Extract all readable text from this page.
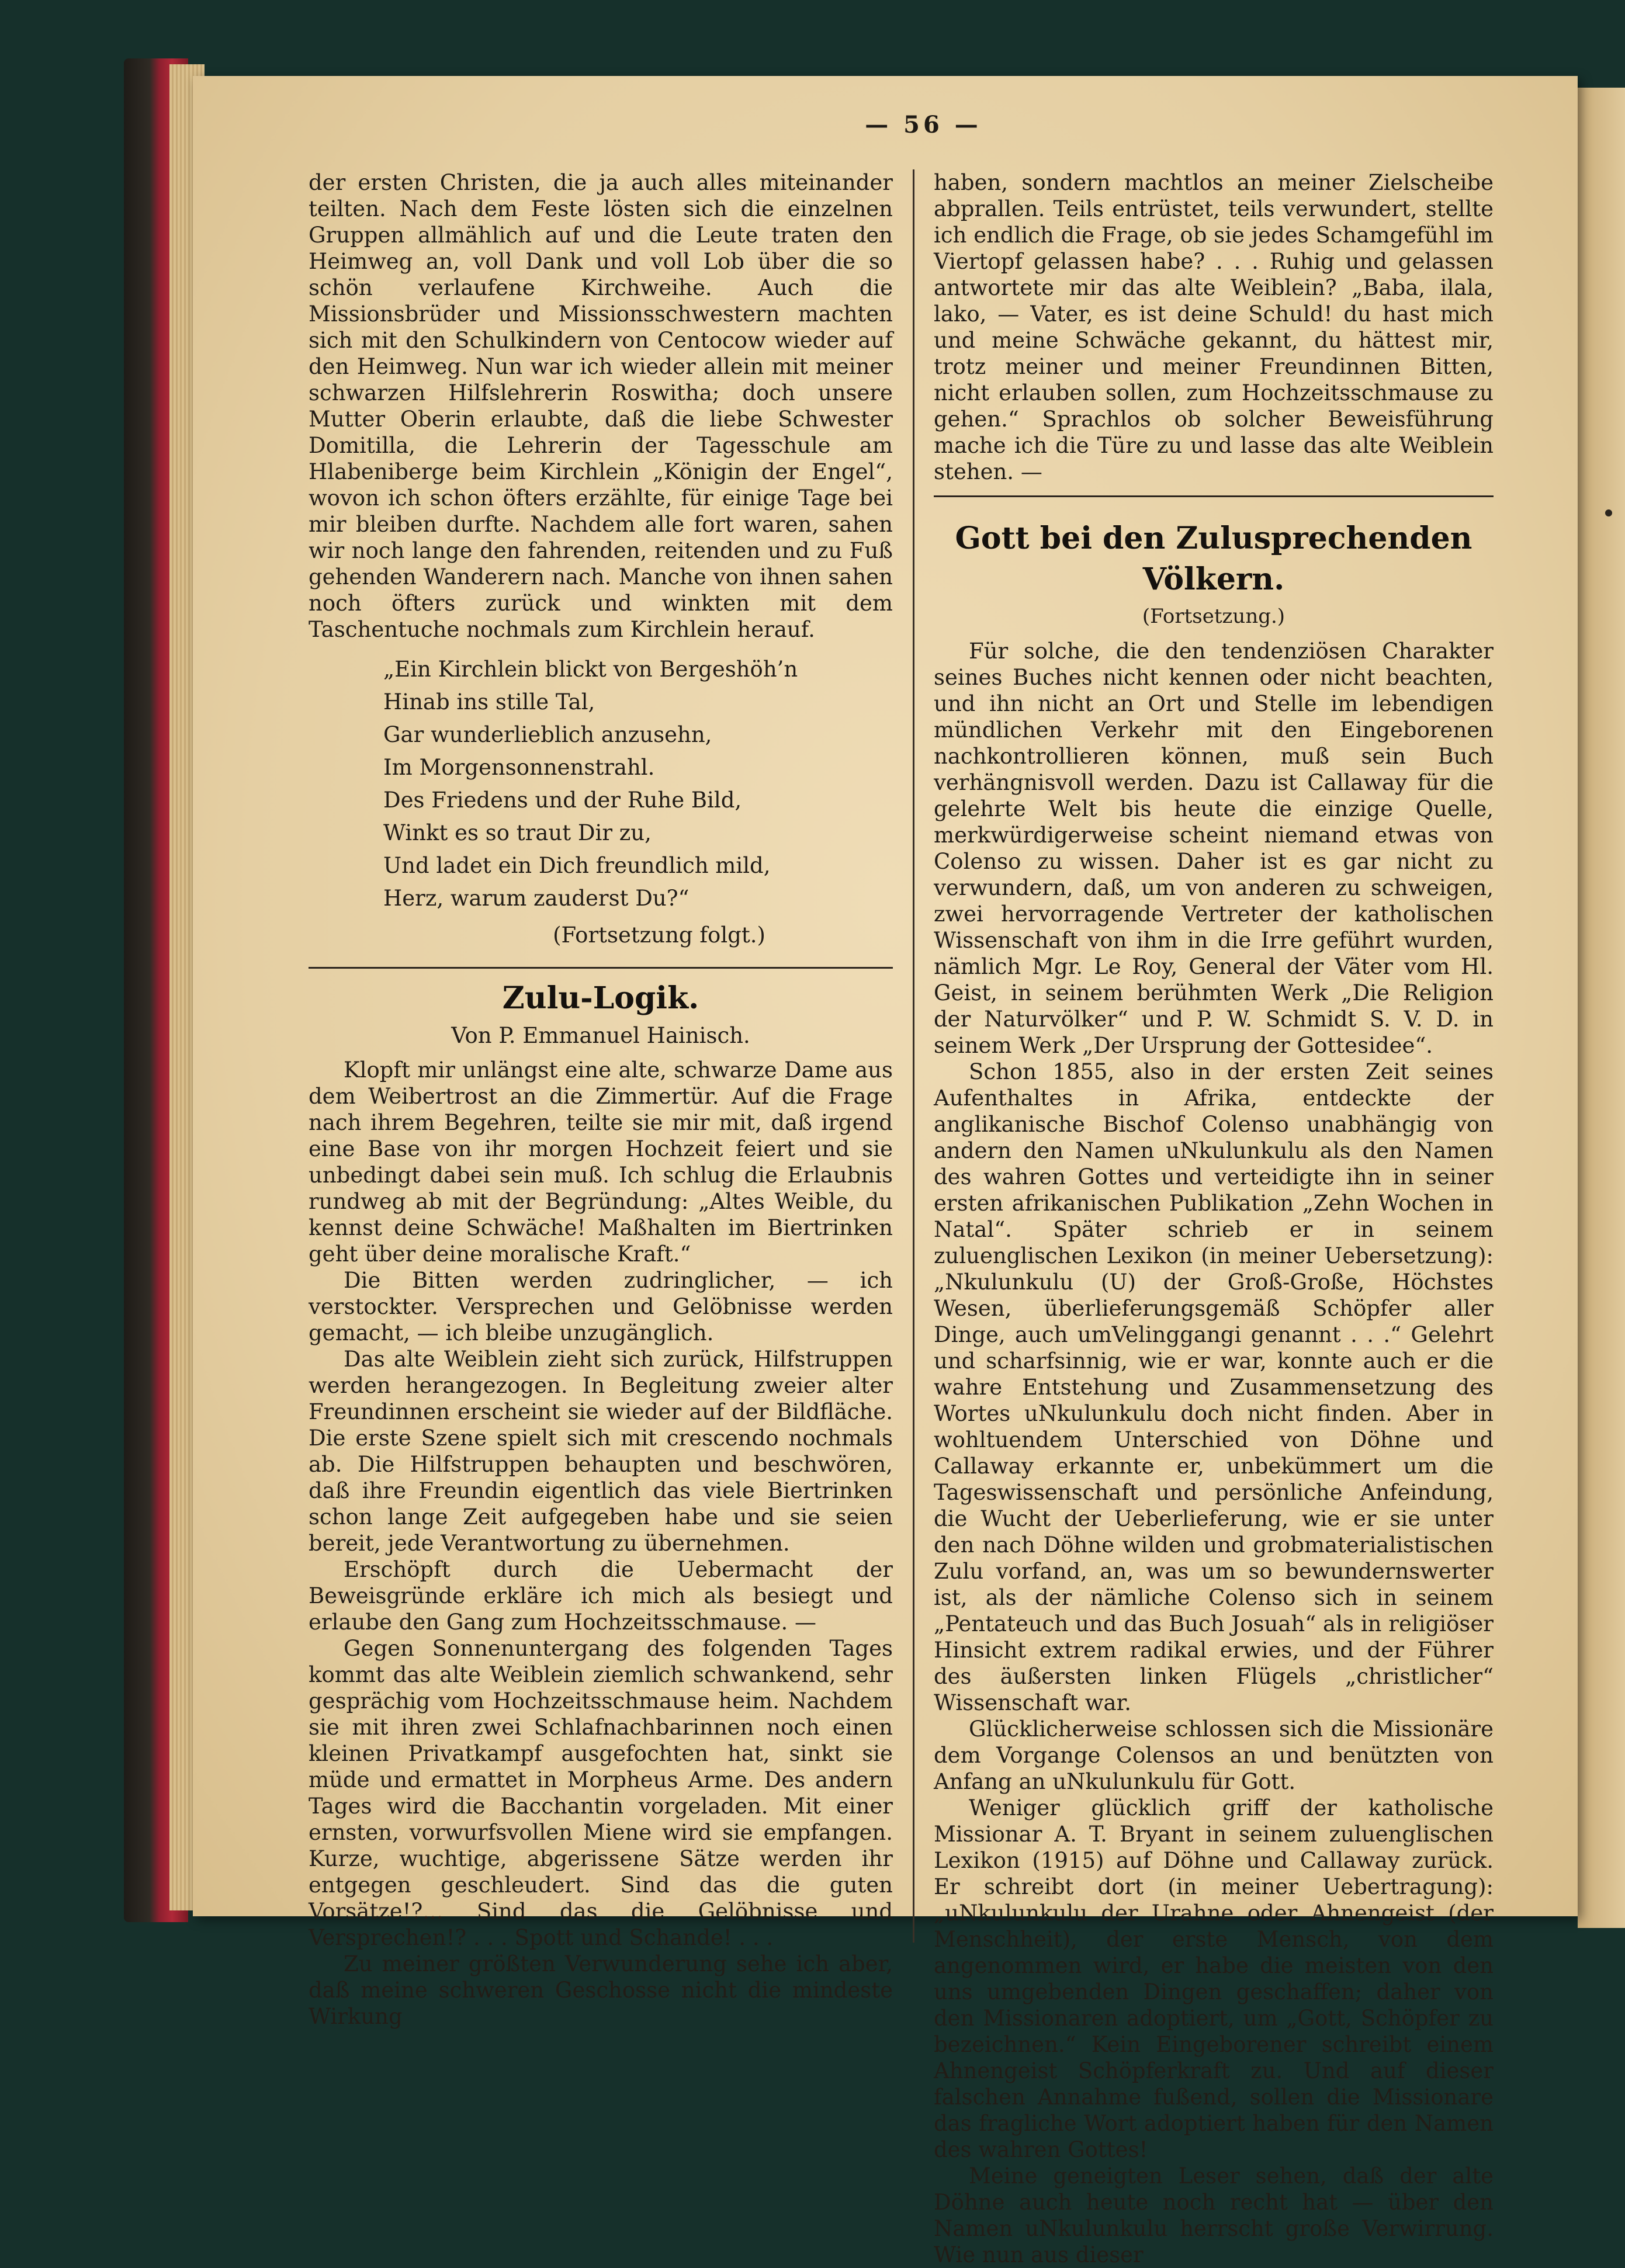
— 56 —

der ersten Christen, die ja auch alles miteinander teilten. Nach dem Feste lösten sich die einzelnen Gruppen allmählich auf und die Leute traten den Heimweg an, voll Dank und voll Lob über die so schön verlaufene Kirchweihe. Auch die Missionsbrüder und Missionsschwestern machten sich mit den Schulkindern von Centocow wieder auf den Heimweg. Nun war ich wieder allein mit meiner schwarzen Hilfslehrerin Roswitha; doch unsere Mutter Oberin erlaubte, daß die liebe Schwester Domitilla, die Lehrerin der Tagesschule am Hlabeniberge beim Kirchlein „Königin der Engel“, wovon ich schon öfters erzählte, für einige Tage bei mir bleiben durfte. Nachdem alle fort waren, sahen wir noch lange den fahrenden, reitenden und zu Fuß gehenden Wanderern nach. Manche von ihnen sahen noch öfters zurück und winkten mit dem Taschentuche nochmals zum Kirchlein herauf.

„Ein Kirchlein blickt von Bergeshöh’n
Hinab ins stille Tal,
Gar wunderlieblich anzusehn,
Im Morgensonnenstrahl.
Des Friedens und der Ruhe Bild,
Winkt es so traut Dir zu,
Und ladet ein Dich freundlich mild,
Herz, warum zauderst Du?“
(Fortsetzung folgt.)
Zulu-Logik.
Von P. Emmanuel Hainisch.

Klopft mir unlängst eine alte, schwarze Dame aus dem Weibertrost an die Zimmertür. Auf die Frage nach ihrem Begehren, teilte sie mir mit, daß irgend eine Base von ihr morgen Hochzeit feiert und sie unbedingt dabei sein muß. Ich schlug die Erlaubnis rundweg ab mit der Begründung: „Altes Weible, du kennst deine Schwäche! Maßhalten im Biertrinken geht über deine moralische Kraft.“

Die Bitten werden zudringlicher, — ich verstockter. Versprechen und Gelöbnisse werden gemacht, — ich bleibe unzugänglich.

Das alte Weiblein zieht sich zurück, Hilfstruppen werden herangezogen. In Begleitung zweier alter Freundinnen erscheint sie wieder auf der Bildfläche. Die erste Szene spielt sich mit crescendo nochmals ab. Die Hilfstruppen behaupten und beschwören, daß ihre Freundin eigentlich das viele Biertrinken schon lange Zeit aufgegeben habe und sie seien bereit, jede Verantwortung zu übernehmen.

Erschöpft durch die Uebermacht der Beweisgründe erkläre ich mich als besiegt und erlaube den Gang zum Hochzeitsschmause. —

Gegen Sonnenuntergang des folgenden Tages kommt das alte Weiblein ziemlich schwankend, sehr gesprächig vom Hochzeitsschmause heim. Nachdem sie mit ihren zwei Schlafnachbarinnen noch einen kleinen Privatkampf ausgefochten hat, sinkt sie müde und ermattet in Morpheus Arme. Des andern Tages wird die Bacchantin vorgeladen. Mit einer ernsten, vorwurfsvollen Miene wird sie empfangen. Kurze, wuchtige, abgerissene Sätze werden ihr entgegen geschleudert. Sind das die guten Vorsätze!?... Sind das die Gelöbnisse und Versprechen!? . . . Spott und Schande! . . .

Zu meiner größten Verwunderung sehe ich aber, daß meine schweren Geschosse nicht die mindeste Wirkung

haben, sondern machtlos an meiner Zielscheibe abprallen. Teils entrüstet, teils verwundert, stellte ich endlich die Frage, ob sie jedes Schamgefühl im Viertopf gelassen habe? . . . Ruhig und gelassen antwortete mir das alte Weiblein? „Baba, ilala, lako, — Vater, es ist deine Schuld! du hast mich und meine Schwäche gekannt, du hättest mir, trotz meiner und meiner Freundinnen Bitten, nicht erlauben sollen, zum Hochzeitsschmause zu gehen.“ Sprachlos ob solcher Beweisführung mache ich die Türe zu und lasse das alte Weiblein stehen. —

Gott bei den Zulusprechenden Völkern.
(Fortsetzung.)

Für solche, die den tendenziösen Charakter seines Buches nicht kennen oder nicht beachten, und ihn nicht an Ort und Stelle im lebendigen mündlichen Verkehr mit den Eingeborenen nachkontrollieren können, muß sein Buch verhängnisvoll werden. Dazu ist Callaway für die gelehrte Welt bis heute die einzige Quelle, merkwürdigerweise scheint niemand etwas von Colenso zu wissen. Daher ist es gar nicht zu verwundern, daß, um von anderen zu schweigen, zwei hervorragende Vertreter der katholischen Wissenschaft von ihm in die Irre geführt wurden, nämlich Mgr. Le Roy, General der Väter vom Hl. Geist, in seinem berühmten Werk „Die Religion der Naturvölker“ und P. W. Schmidt S. V. D. in seinem Werk „Der Ursprung der Gottesidee“.

Schon 1855, also in der ersten Zeit seines Aufenthaltes in Afrika, entdeckte der anglikanische Bischof Colenso unabhängig von andern den Namen uNkulunkulu als den Namen des wahren Gottes und verteidigte ihn in seiner ersten afrikanischen Publikation „Zehn Wochen in Natal“. Später schrieb er in seinem zuluenglischen Lexikon (in meiner Uebersetzung): „Nkulunkulu (U) der Groß-Große, Höchstes Wesen, überlieferungsgemäß Schöpfer aller Dinge, auch umVelinggangi genannt . . .“ Gelehrt und scharfsinnig, wie er war, konnte auch er die wahre Entstehung und Zusammensetzung des Wortes uNkulunkulu doch nicht finden. Aber in wohltuendem Unterschied von Döhne und Callaway erkannte er, unbekümmert um die Tageswissenschaft und persönliche Anfeindung, die Wucht der Ueberlieferung, wie er sie unter den nach Döhne wilden und grobmaterialistischen Zulu vorfand, an, was um so bewundernswerter ist, als der nämliche Colenso sich in seinem „Pentateuch und das Buch Josuah“ als in religiöser Hinsicht extrem radikal erwies, und der Führer des äußersten linken Flügels „christlicher“ Wissenschaft war.

Glücklicherweise schlossen sich die Missionäre dem Vorgange Colensos an und benützten von Anfang an uNkulunkulu für Gott.

Weniger glücklich griff der katholische Missionar A. T. Bryant in seinem zuluenglischen Lexikon (1915) auf Döhne und Callaway zurück. Er schreibt dort (in meiner Uebertragung): „uNkulunkulu der Urahne oder Ahnengeist (der Menschheit), der erste Mensch, von dem angenommen wird, er habe die meisten von den uns umgebenden Dingen geschaffen; daher von den Missionaren adoptiert, um „Gott, Schöpfer zu bezeichnen.“ Kein Eingeborener schreibt einem Ahnengeist Schöpferkraft zu. Und auf dieser falschen Annahme fußend, sollen die Missionare das fragliche Wort adoptiert haben für den Namen des wahren Gottes!

Meine geneigten Leser sehen, daß der alte Döhne auch heute noch recht hat — über den Namen uNkulunkulu herrscht große Verwirrung. Wie nun aus dieser
